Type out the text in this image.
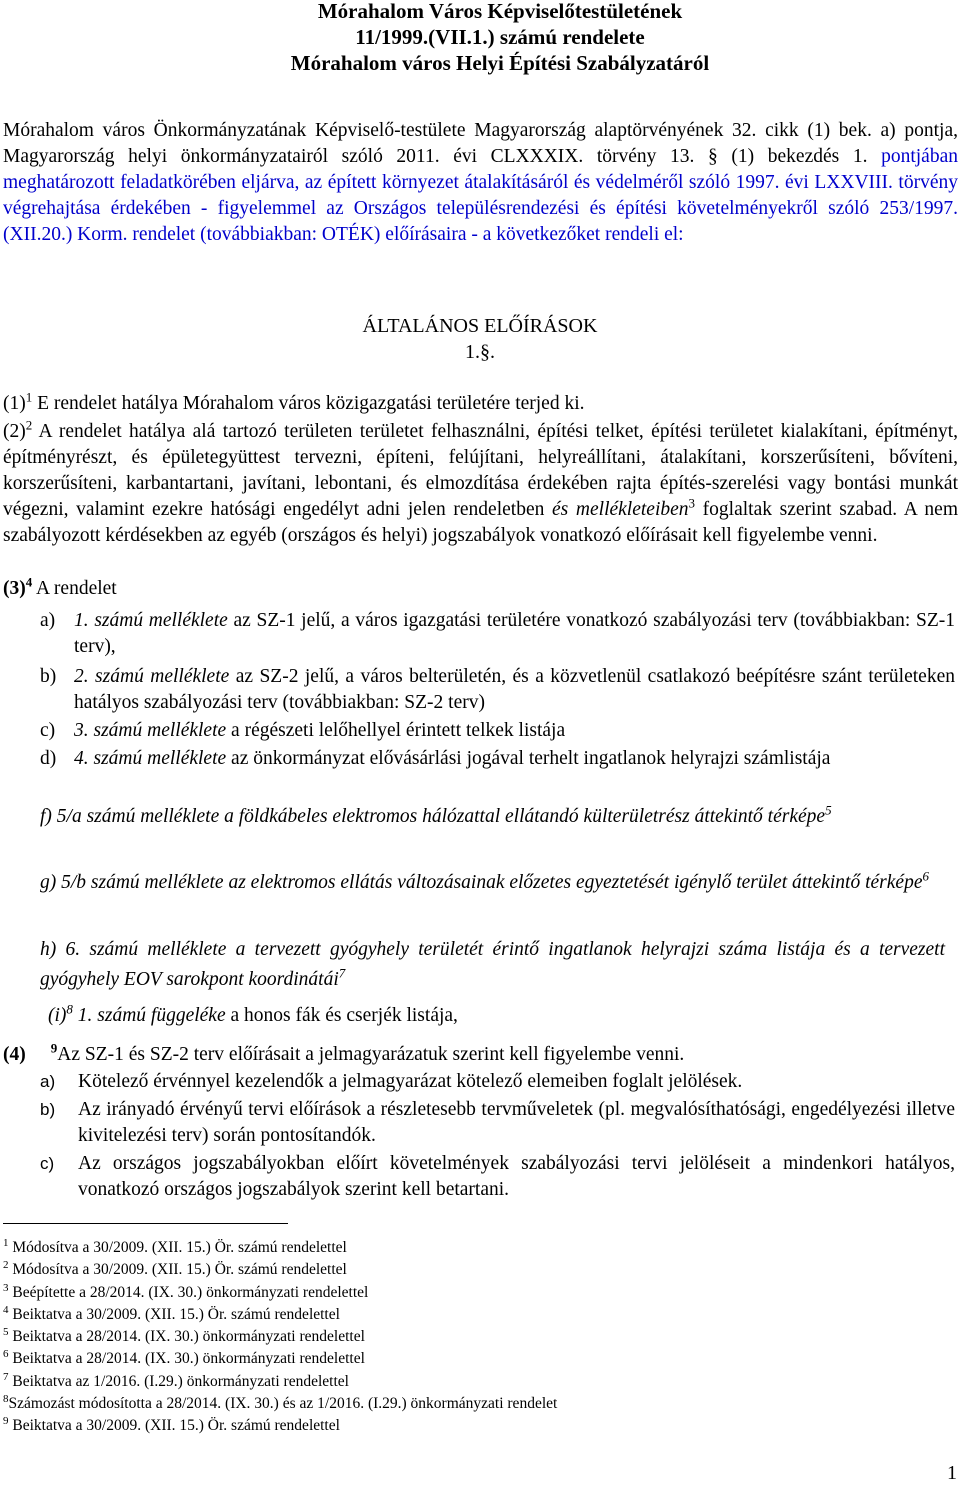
Mórahalom Város Képviselőtestületének

11/1999.(VII.1.) számú rendelete

Mórahalom város Helyi Építési Szabályzatáról

Mórahalom város Önkormányzatának Képviselő-testülete Magyarország alaptörvényének 32. cikk (1) bek. a) pontja, Magyarország helyi önkormányzatairól szóló 2011. évi CLXXXIX. törvény 13. § (1) bekezdés 1. pontjában meghatározott feladatkörében eljárva, az épített környezet átalakításáról és védelméről szóló 1997. évi LXXVIII. törvény végrehajtása érdekében - figyelemmel az Országos településrendezési és építési követelményekről szóló 253/1997. (XII.20.) Korm. rendelet (továbbiakban: OTÉK) előírásaira - a következőket rendeli el:

ÁLTALÁNOS ELŐÍRÁSOK

1.§.

$(1)^1$ E rendelet hatálya Mórahalom város közigazgatási területére terjed ki.

$(2)^2$ A rendelet hatálya alá tartozó területen területet felhasználni, építési telket, építési területet kialakítani, építményt, építményrészt, és épületegyüttest tervezni, építeni, felújítani, helyreállítani, átalakítani, korszerűsíteni, bővíteni, korszerűsíteni, karbantartani, javítani, lebontani, és elmozdítása érdekében rajta építés-szerelési vagy bontási munkát végezni, valamint ezekre hatósági engedélyt adni jelen rendeletben és mellékleteiben$^3$ foglaltak szerint szabad. A nem szabályozott kérdésekben az egyéb (országos és helyi) jogszabályok vonatkozó előírásait kell figyelembe venni.

$(3)^4$ A rendelet

a) 1. számú melléklete az SZ-1 jelű, a város igazgatási területére vonatkozó szabályozási terv (továbbiakban: SZ-1 terv),
b) 2. számú melléklete az SZ-2 jelű, a város belterületén, és a közvetlenül csatlakozó beépítésre szánt területeken hatályos szabályozási terv (továbbiakban: SZ-2 terv)
c) 3. számú melléklete a régészeti lelőhellyel érintett telkek listája
d) 4. számú melléklete az önkormányzat elővásárlási jogával terhelt ingatlanok helyrajzi számlistája
f) 5/a számú melléklete a földkábeles elektromos hálózattal ellátandó külterületrész áttekintő térképe$^5$
g) 5/b számú melléklete az elektromos ellátás változásainak előzetes egyeztetését igénylő terület áttekintő térképe$^6$
h) 6. számú melléklete a tervezett gyógyhely területét érintő ingatlanok helyrajzi száma listája és a tervezett gyógyhely EOV sarokpont koordinátái$^7$

$(i)^8$ 1. számú függeléke a honos fák és cserjék listája,

(4) $^9$Az SZ-1 és SZ-2 terv előírásait a jelmagyarázatuk szerint kell figyelembe venni.

a)	Kötelező érvénnyel kezelendők a jelmagyarázat kötelező elemeiben foglalt jelölések.
b)	Az irányadó érvényű tervi előírások a részletesebb tervműveletek (pl. megvalósíthatósági, engedélyezési illetve kivitelezési terv) során pontosítandók.
c)	Az országos jogszabályokban előírt követelmények szabályozási tervi jelöléseit a mindenkori hatályos, vonatkozó országos jogszabályok szerint kell betartani.

$^1$ Módosítva a 30/2009. (XII. 15.) Ör. számú rendelettel

$^2$ Módosítva a 30/2009. (XII. 15.) Ör. számú rendelettel

$^3$ Beépítette a 28/2014. (IX. 30.) önkormányzati rendelettel

$^4$ Beiktatva a 30/2009. (XII. 15.) Ör. számú rendelettel

$^5$ Beiktatva a 28/2014. (IX. 30.) önkormányzati rendelettel

$^6$ Beiktatva a 28/2014. (IX. 30.) önkormányzati rendelettel

$^7$ Beiktatva az 1/2016. (I.29.) önkormányzati rendelettel

$^8$Számozást módosította a 28/2014. (IX. 30.) és az 1/2016. (I.29.) önkormányzati rendelet

$^9$ Beiktatva a 30/2009. (XII. 15.) Ör. számú rendelettel

1
